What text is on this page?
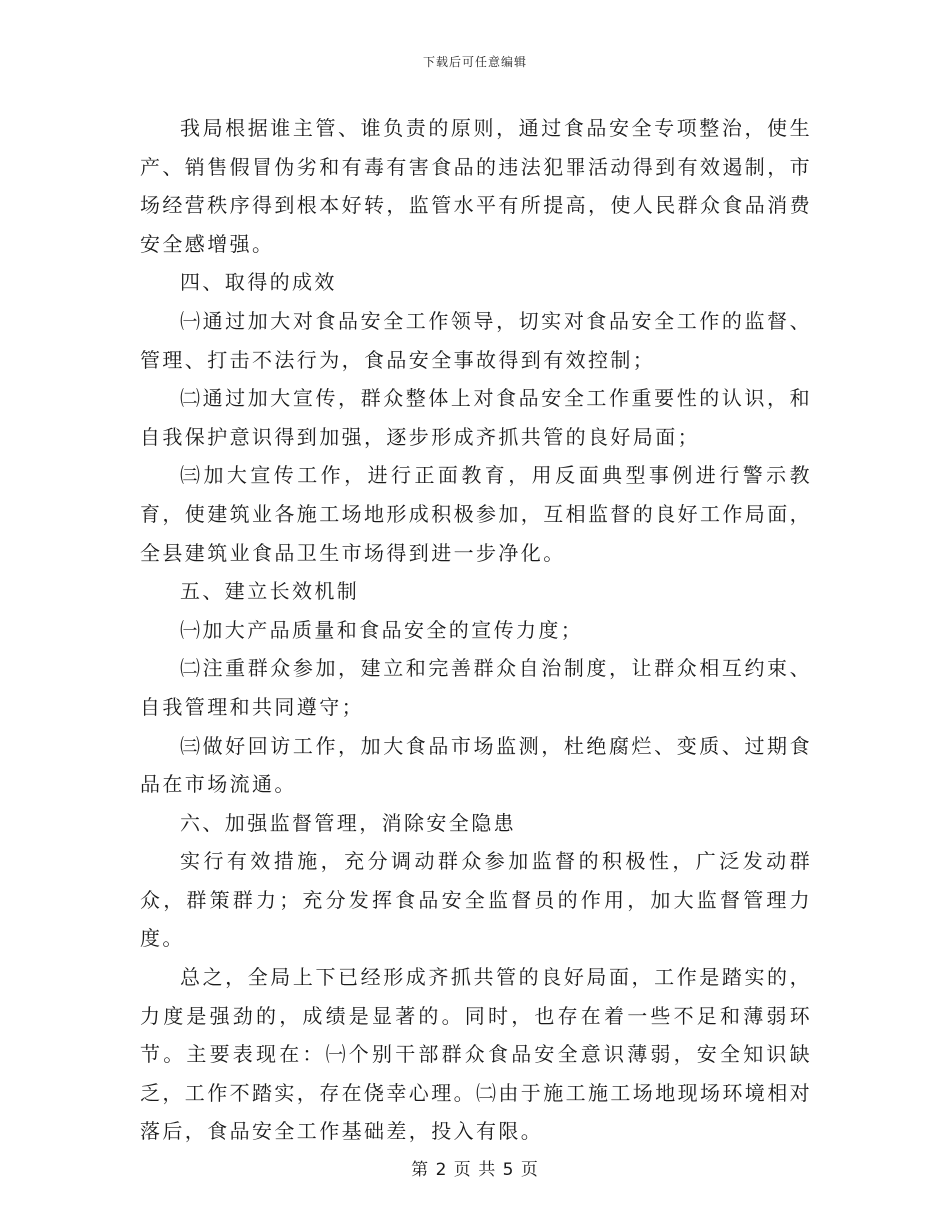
下载后可任意编辑

我局根据谁主管、谁负责的原则，通过食品安全专项整治，使生产、销售假冒伪劣和有毒有害食品的违法犯罪活动得到有效遏制，市场经营秩序得到根本好转，监管水平有所提高，使人民群众食品消费安全感增强。

四、取得的成效

㈠通过加大对食品安全工作领导，切实对食品安全工作的监督、管理、打击不法行为，食品安全事故得到有效控制；

㈡通过加大宣传，群众整体上对食品安全工作重要性的认识，和自我保护意识得到加强，逐步形成齐抓共管的良好局面；

㈢加大宣传工作，进行正面教育，用反面典型事例进行警示教育，使建筑业各施工场地形成积极参加，互相监督的良好工作局面，全县建筑业食品卫生市场得到进一步净化。

五、建立长效机制

㈠加大产品质量和食品安全的宣传力度；

㈡注重群众参加，建立和完善群众自治制度，让群众相互约束、自我管理和共同遵守；

㈢做好回访工作，加大食品市场监测，杜绝腐烂、变质、过期食品在市场流通。

六、加强监督管理，消除安全隐患

实行有效措施，充分调动群众参加监督的积极性，广泛发动群众，群策群力；充分发挥食品安全监督员的作用，加大监督管理力度。

总之，全局上下已经形成齐抓共管的良好局面，工作是踏实的，力度是强劲的，成绩是显著的。同时，也存在着一些不足和薄弱环节。主要表现在：㈠个别干部群众食品安全意识薄弱，安全知识缺乏，工作不踏实，存在侥幸心理。㈡由于施工施工场地现场环境相对落后，食品安全工作基础差，投入有限。

第 2 页 共 5 页
